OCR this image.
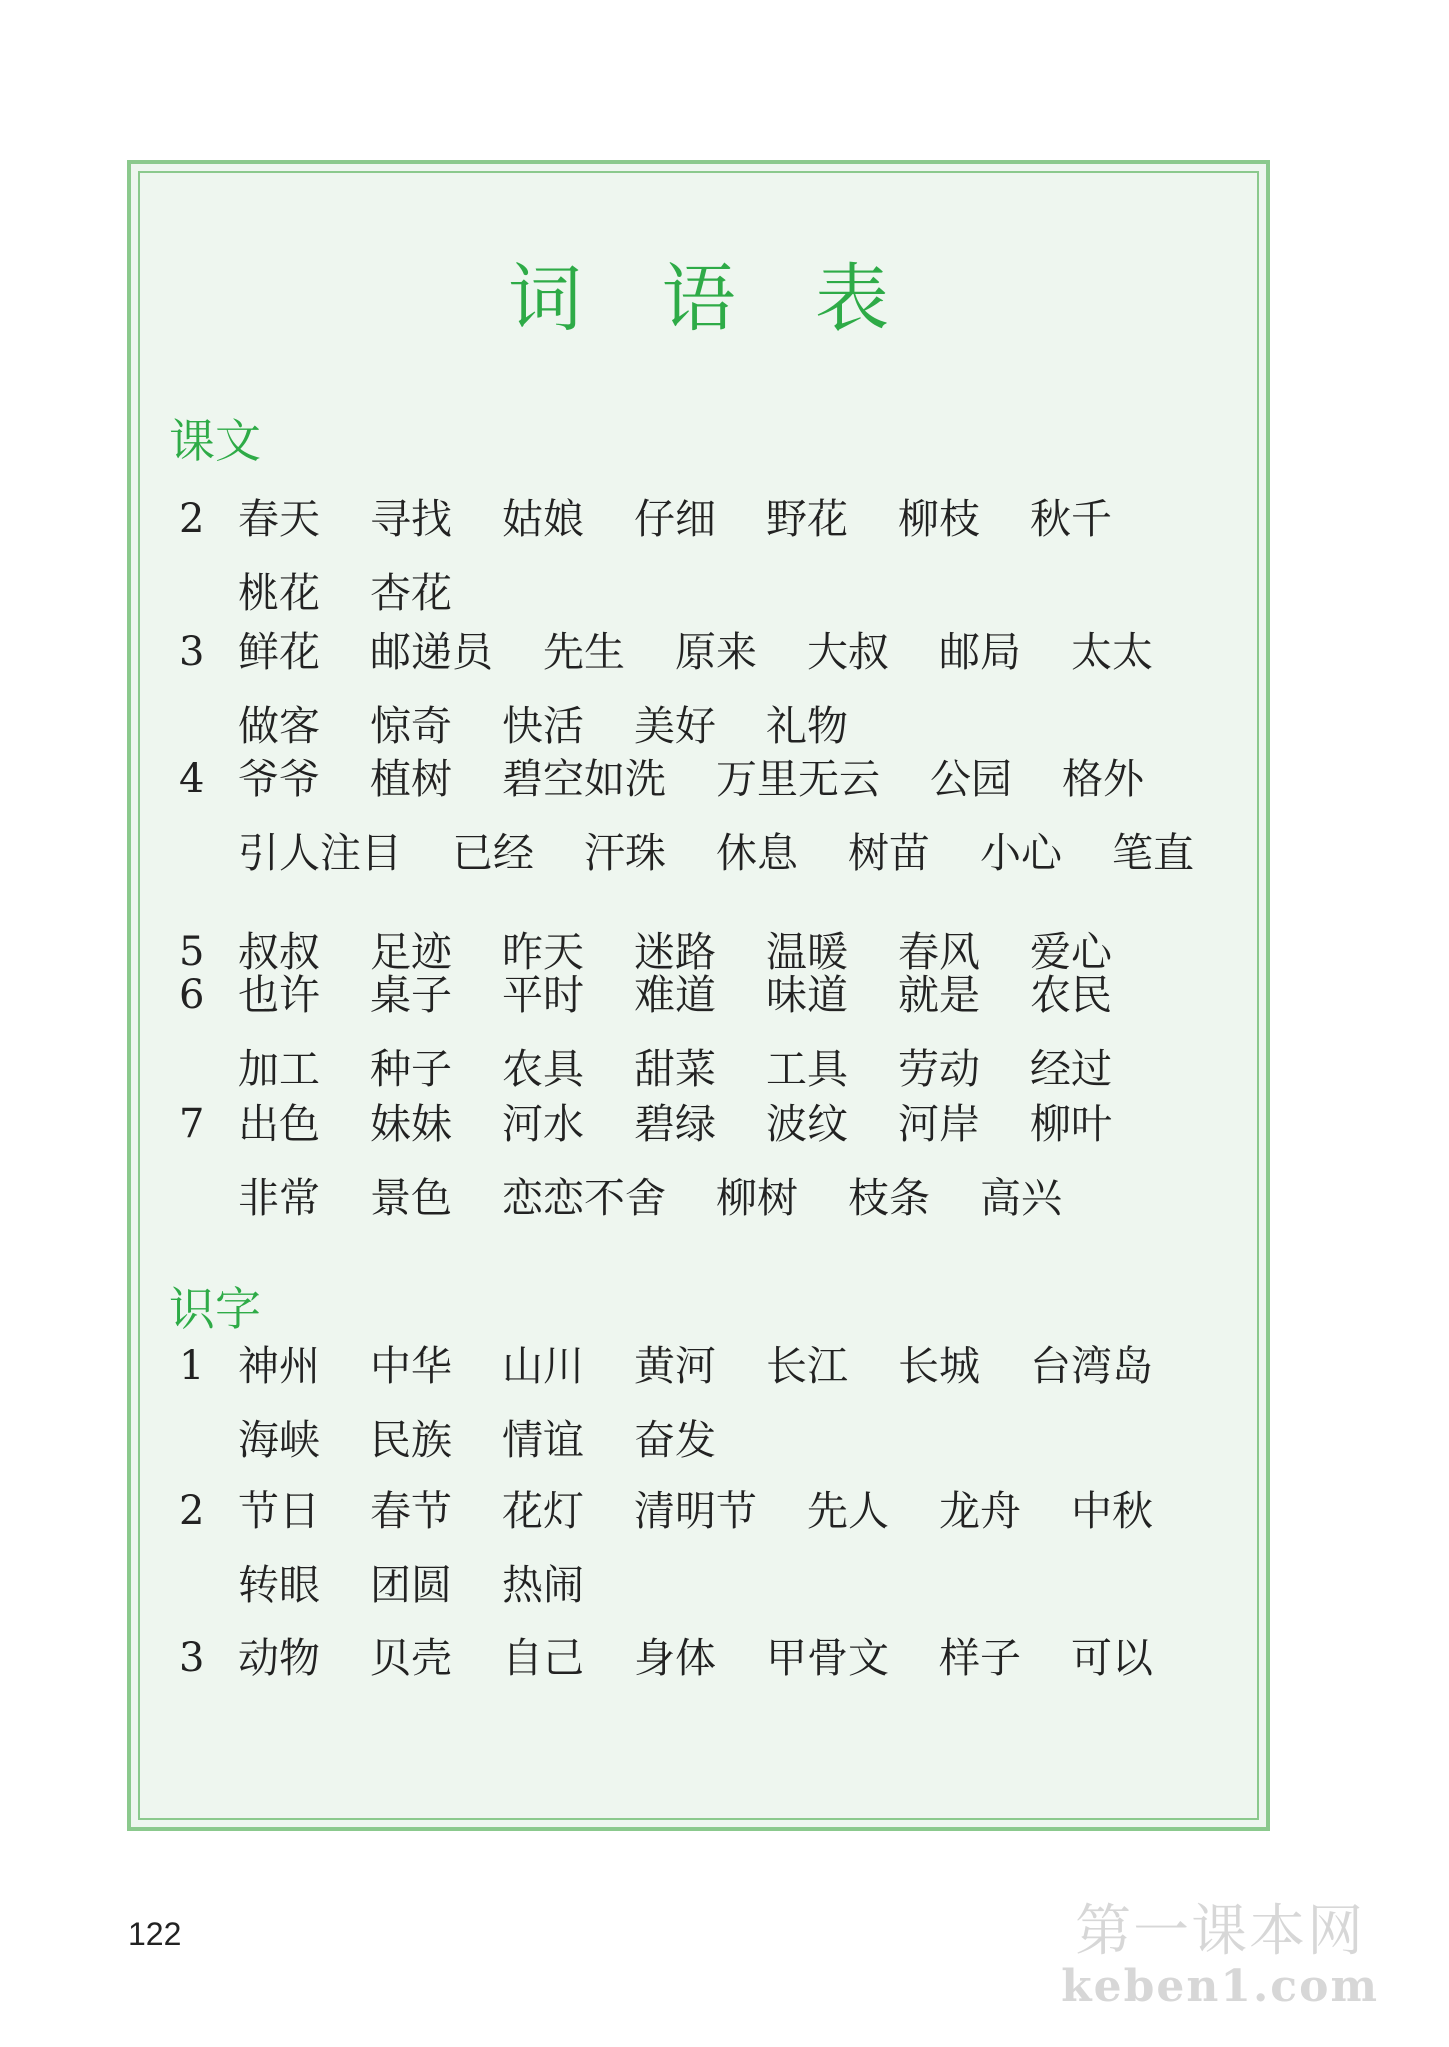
词 语 表
课文
2 春天 寻找 姑娘 仔细 野花 柳枝 秋千
桃花 杏花
3 鲜花 邮递员 先生 原来 大叔 邮局 太太
做客 惊奇 快活 美好 礼物
4 爷爷 植树 碧空如洗 万里无云 公园 格外
引人注目 已经 汗珠 休息 树苗 小心 笔直
5 叔叔 足迹 昨天 迷路 温暖 春风 爱心
6 也许 桌子 平时 难道 味道 就是 农民
加工 种子 农具 甜菜 工具 劳动 经过
7 出色 妹妹 河水 碧绿 波纹 河岸 柳叶
非常 景色 恋恋不舍 柳树 枝条 高兴
识字
1 神州 中华 山川 黄河 长江 长城 台湾岛
海峡 民族 情谊 奋发
2 节日 春节 花灯 清明节 先人 龙舟 中秋
转眼 团圆 热闹
3 动物 贝壳 自己 身体 甲骨文 样子 可以
122	第一课本网
keben1.com
